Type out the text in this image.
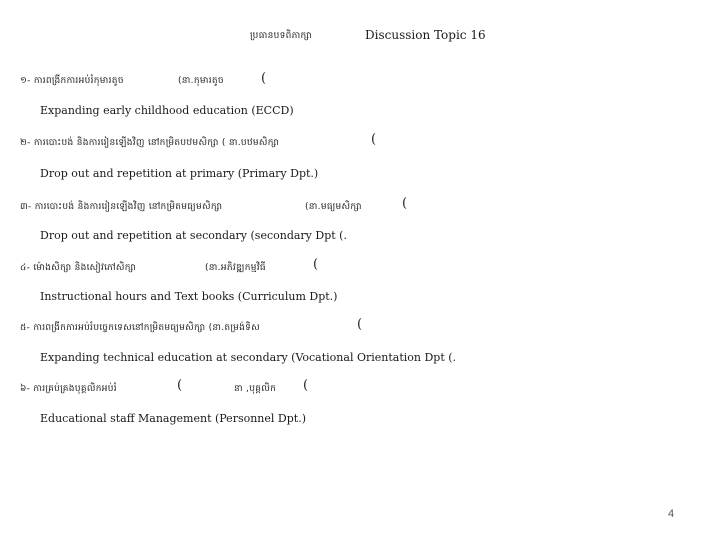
ប្រធានបទពិភាក្សា	Discussion Topic 16
១- ការពង្រីកការអប់រំកុមារតូច	(នា.កុមារតូច	(
Expanding early childhood education (ECCD)
២- ការបោះបង់ និងការរៀនឡើងវិញ នៅកម្រិតបឋមសិក្សា ( នា.បឋមសិក្សា	(
Drop out and repetition at primary (Primary Dpt.)
៣- ការបោះបង់ និងការរៀនឡើងវិញ នៅកម្រិតមធ្យមសិក្សា	(នា.មធ្យមសិក្សា	(
Drop out and repetition at secondary (secondary Dpt (.
៤- ម៉ោងសិក្សា និងសៀវភៅសិក្សា	(នា.អភិវឌ្ឍកម្មវិធី	(
Instructional hours and Text books (Curriculum Dpt.)
៥- ការពង្រីកការអប់រំបច្ចេកទេសនៅកម្រិតមធ្យមសិក្សា (នា.តម្រង់ទិស	(
Expanding technical education at secondary (Vocational Orientation Dpt (.
៦- ការគ្រប់គ្រងបុគ្គលិកអប់រំ	(	នា ,បុគ្គលិក (
Educational staff Management (Personnel Dpt.)
4
